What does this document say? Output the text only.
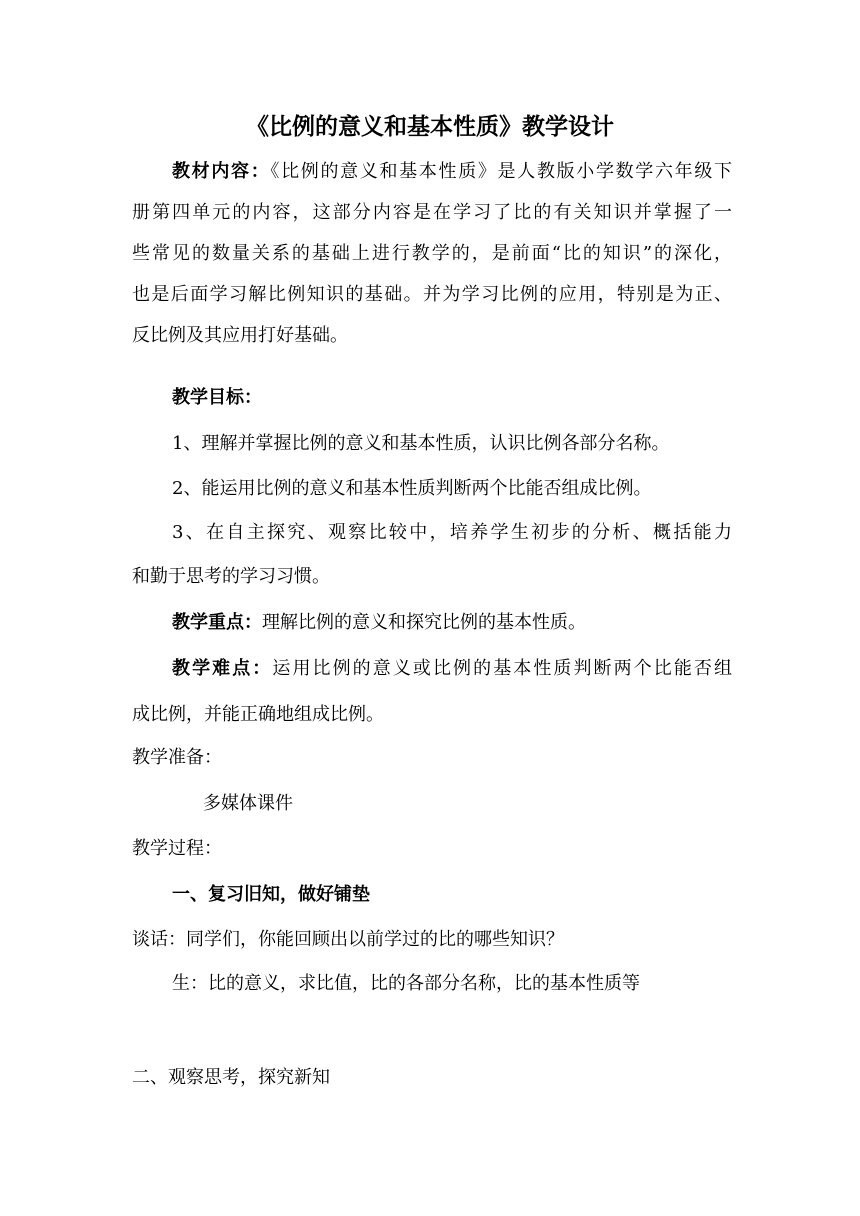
《比例的意义和基本性质》教学设计
教材内容：《比例的意义和基本性质》是人教版小学数学六年级下
册第四单元的内容，这部分内容是在学习了比的有关知识并掌握了一
些常见的数量关系的基础上进行教学的，是前面“比的知识”的深化，
也是后面学习解比例知识的基础。并为学习比例的应用，特别是为正、
反比例及其应用打好基础。
教学目标：
1、理解并掌握比例的意义和基本性质，认识比例各部分名称。
2、能运用比例的意义和基本性质判断两个比能否组成比例。
3、在自主探究、观察比较中，培养学生初步的分析、概括能力
和勤于思考的学习习惯。
教学重点：理解比例的意义和探究比例的基本性质。
教学难点：运用比例的意义或比例的基本性质判断两个比能否组
成比例，并能正确地组成比例。
教学准备：
多媒体课件
教学过程：
一、复习旧知，做好铺垫
谈话：同学们，你能回顾出以前学过的比的哪些知识？
生：比的意义，求比值，比的各部分名称，比的基本性质等
二、观察思考，探究新知
